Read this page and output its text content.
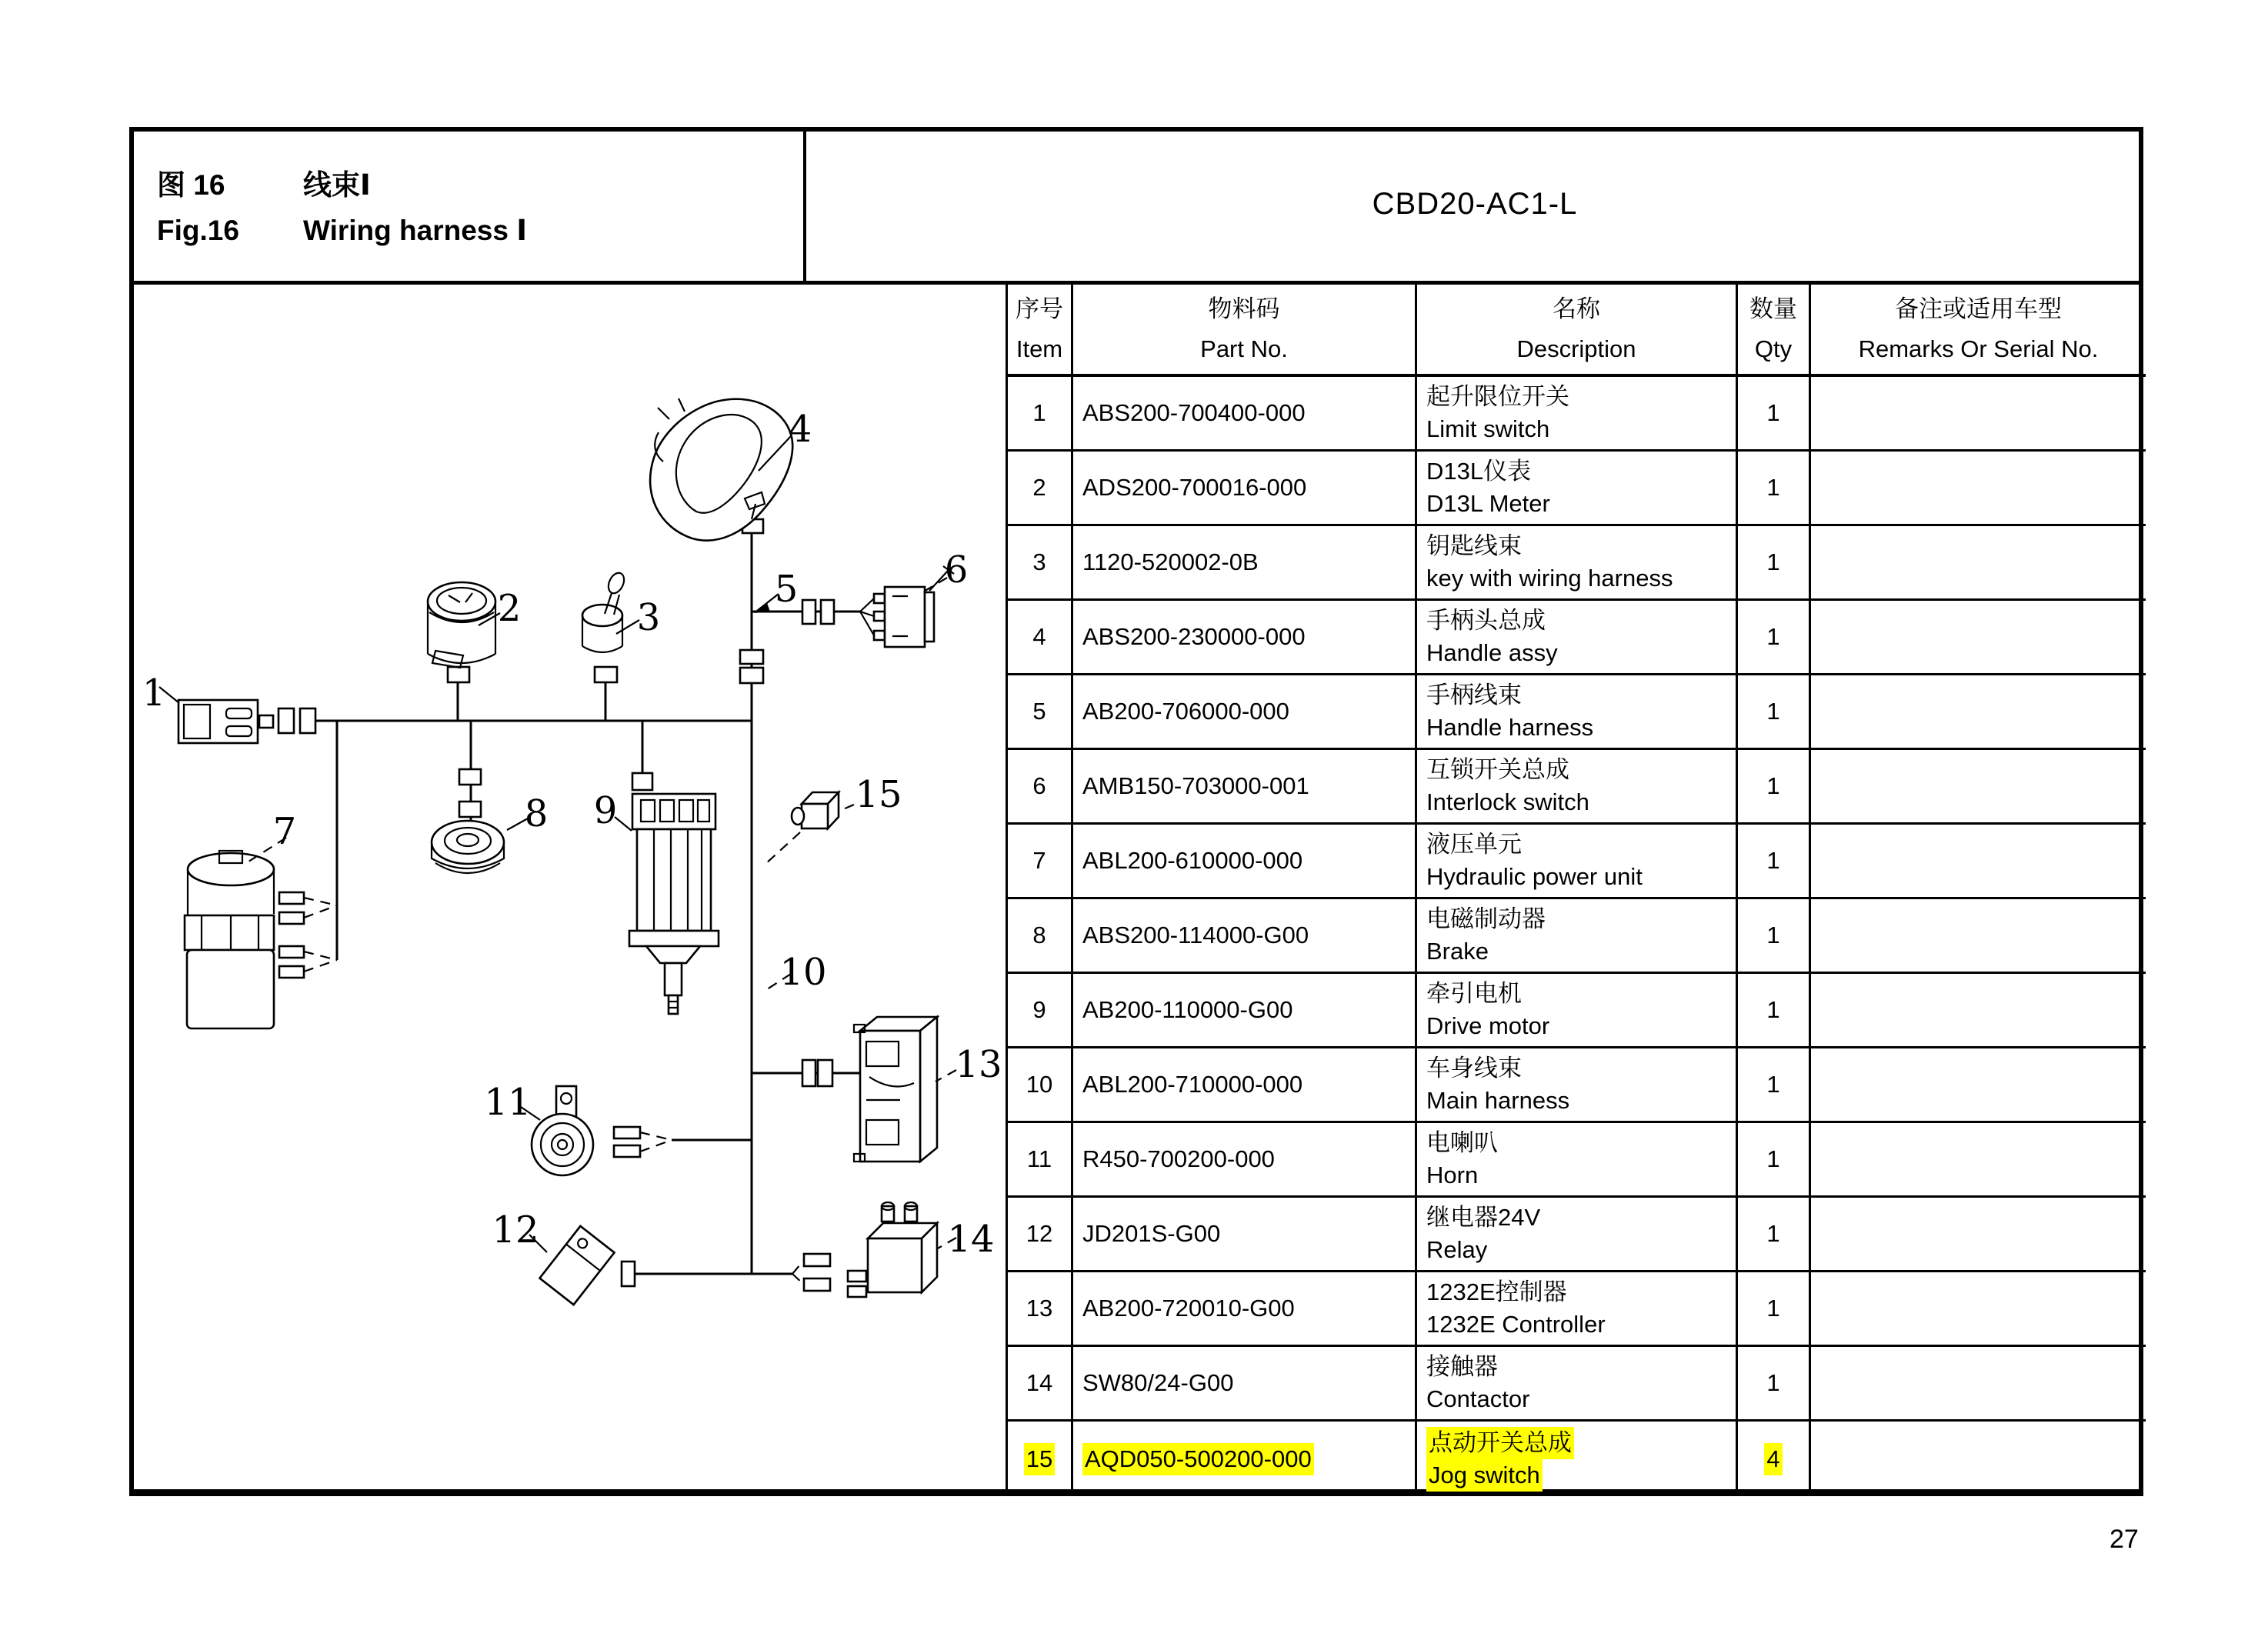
图 16	线束Ⅰ
Fig.16	Wiring harness Ⅰ
CBD20-AC1-L
序号
Item
物料码
Part No.
名称
Description
数量
Qty
备注或适用车型
Remarks Or Serial No.
1 ABS200-700400-000
起升限位开关
Limit switch
1
2 ADS200-700016-000
D13L仪表
D13L Meter
1
3 1120-520002-0B
钥匙线束
key with wiring harness
1
4 ABS200-230000-000
手柄头总成
Handle assy
1
5 AB200-706000-000
手柄线束
Handle harness
1
6 AMB150-703000-001
互锁开关总成
Interlock switch
1
7 ABL200-610000-000
液压单元
Hydraulic power unit
1
8 ABS200-114000-G00
电磁制动器
Brake
1
9 AB200-110000-G00
牵引电机
Drive motor
1
10 ABL200-710000-000
车身线束
Main harness
1
11 R450-700200-000
电喇叭
Horn
1
12 JD201S-G00
继电器24V
Relay
1
13 AB200-720010-G00
1232E控制器
1232E Controller
1
14 SW80/24-G00
接触器
Contactor
1
15 AQD050-500200-000
点动开关总成
Jog switch
4
1
2	3
4
5	6
7	8 9
10
11
12
13
14
15
27
